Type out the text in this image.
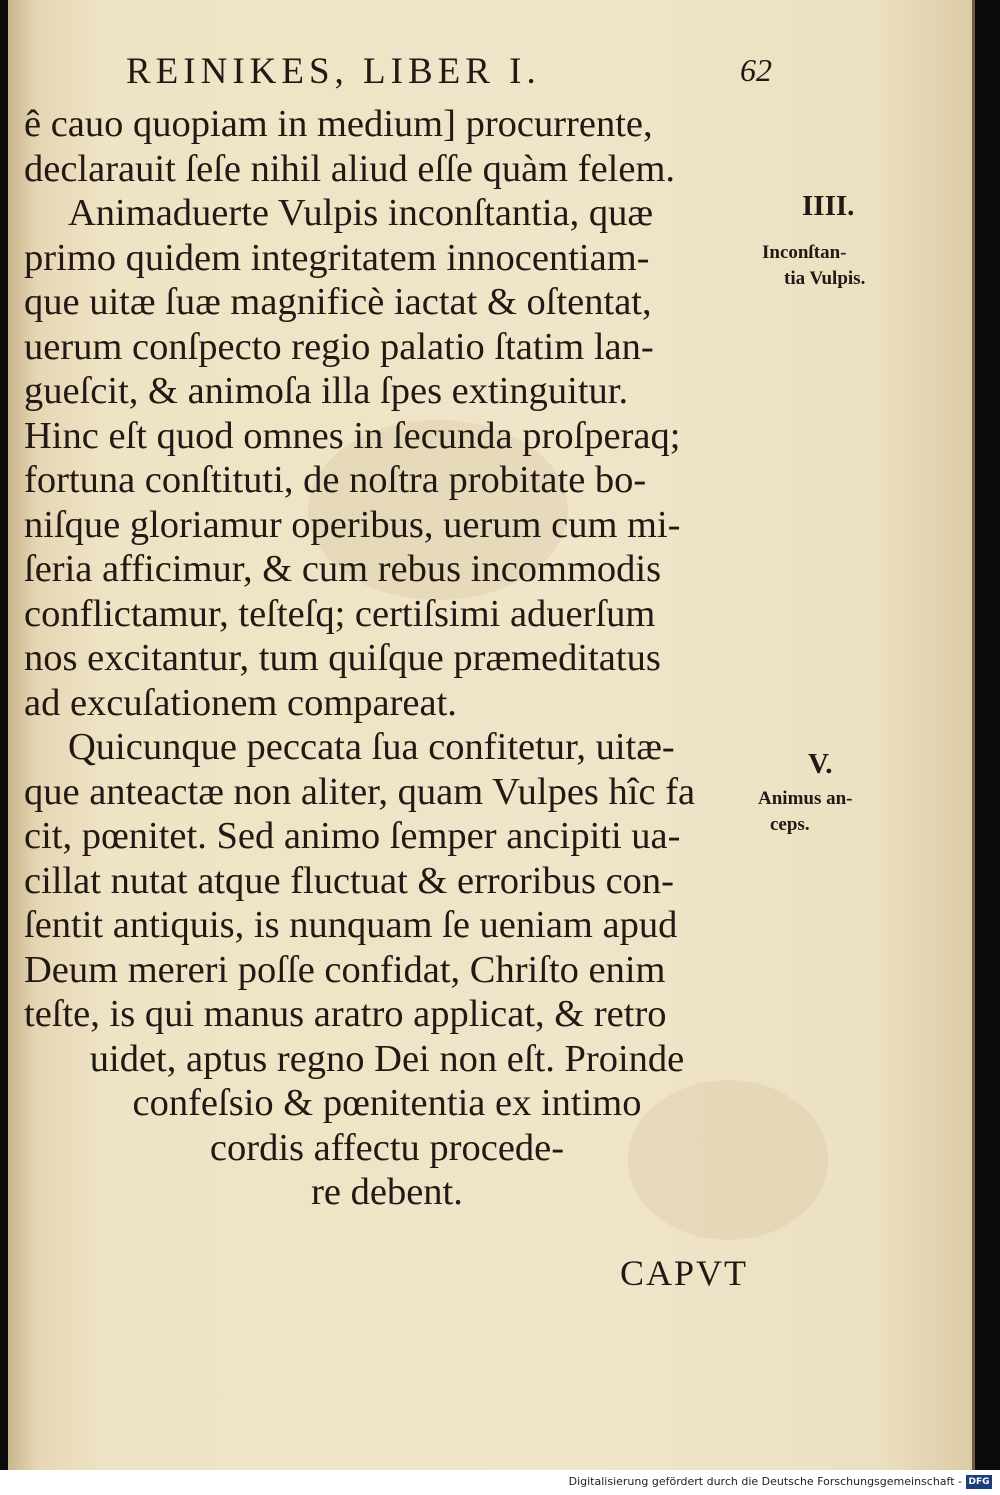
REINIKES, LIBER I.	62
ê cauo quopiam in medium] procurrente,
declarauit ſeſe nihil aliud eſſe quàm felem.
Animaduerte Vulpis inconſtantia, quæ
primo quidem integritatem innocentiam-
que uitæ ſuæ magnificè iactat & oſtentat,
uerum conſpecto regio palatio ſtatim lan-
gueſcit, & animoſa illa ſpes extinguitur.
Hinc eſt quod omnes in ſecunda proſperaq;
fortuna conſtituti, de noſtra probitate bo-
niſque gloriamur operibus, uerum cum mi-
ſeria afficimur, & cum rebus incommodis
conflictamur, teſteſq; certiſsimi aduerſum
nos excitantur, tum quiſque præmeditatus
ad excuſationem compareat.
Quicunque peccata ſua confitetur, uitæ-
que anteactæ non aliter, quam Vulpes hîc fa
cit, pœnitet. Sed animo ſemper ancipiti ua-
cillat nutat atque fluctuat & erroribus con-
ſentit antiquis, is nunquam ſe ueniam apud
Deum mereri poſſe confidat, Chriſto enim
teſte, is qui manus aratro applicat, & retro
uidet, aptus regno Dei non eſt. Proinde
confeſsio & pœnitentia ex intimo
cordis affectu procede-
re debent.
IIII.
Inconſtan-
tia Vulpis.
V.
Animus an-
ceps.
CAPVT
Digitalisierung gefördert durch die Deutsche Forschungsgemeinschaft - DFG
